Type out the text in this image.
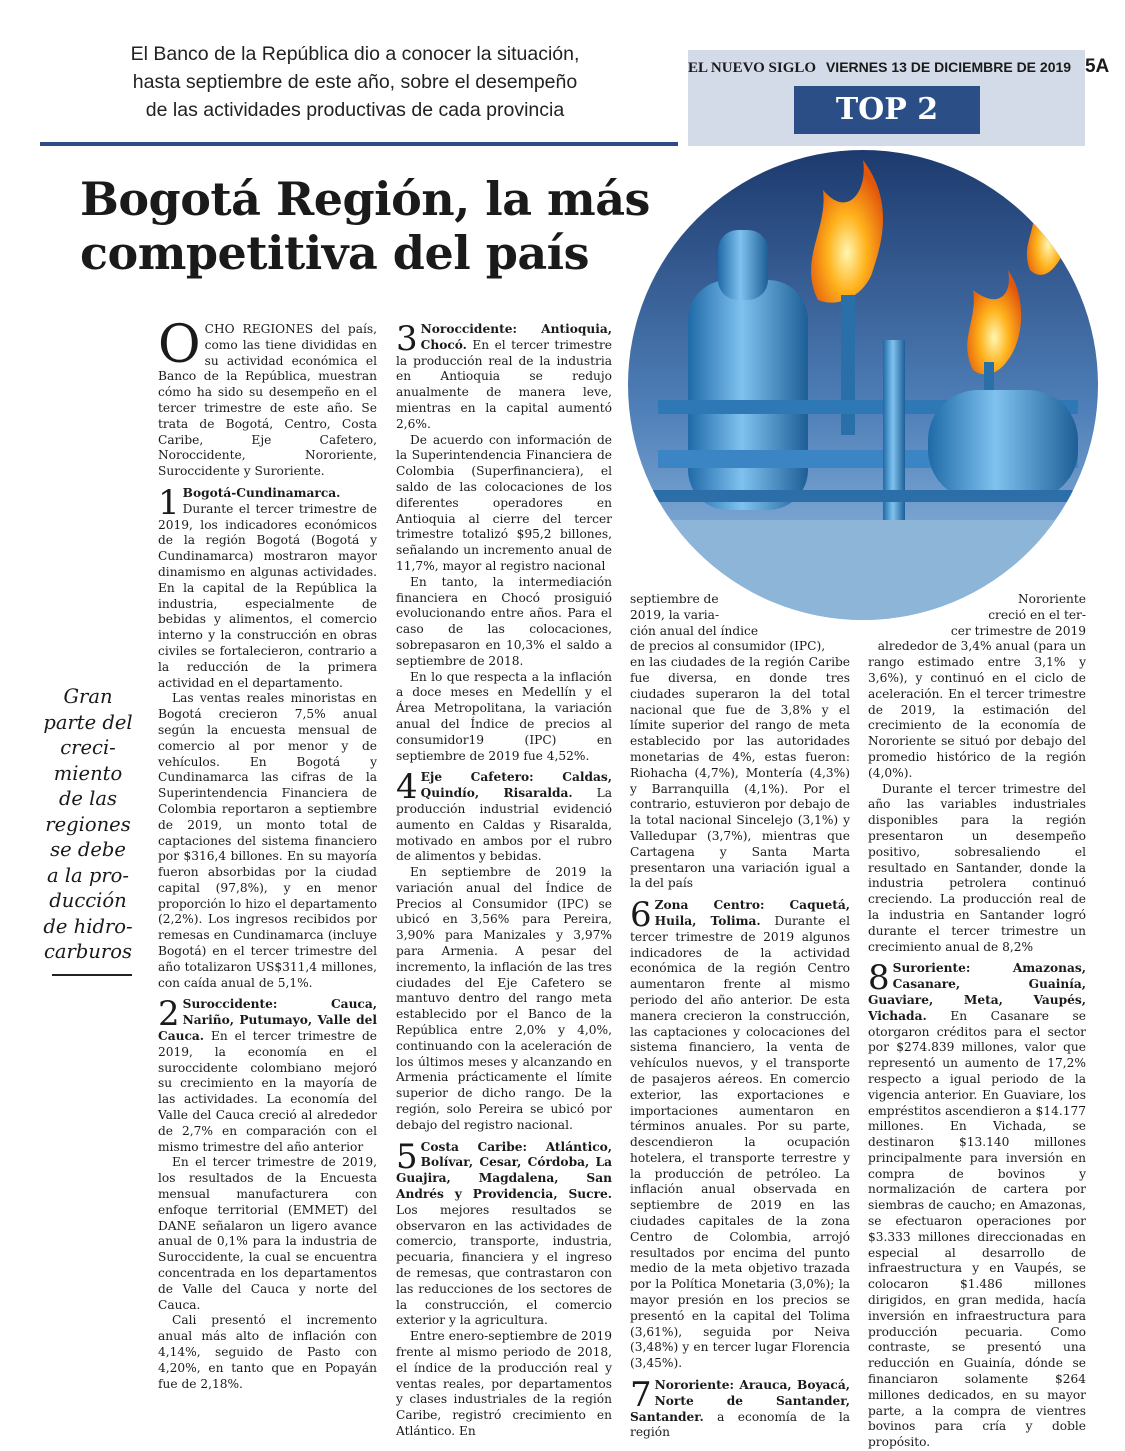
El Banco de la República dio a conocer la situación,
hasta septiembre de este año, sobre el desempeño
de las actividades productivas de cada provincia
EL NUEVO SIGLO VIERNES 13 DE DICIEMBRE DE 2019 5A
TOP 2
Bogotá Región, la más
competitiva del país
Gran
parte del
creci-
miento
de las
regiones
se debe
a la pro-
ducción
de hidro-
carburos

OCHO REGIONES del país, como las tiene divididas en su actividad económica el Banco de la República, muestran cómo ha sido su desempeño en el tercer trimestre de este año. Se trata de Bogotá, Centro, Costa Caribe, Eje Cafetero, Noroccidente, Nororiente, Suroccidente y Suroriente.

1 Bogotá-Cundinamarca. Durante el tercer trimestre de 2019, los indicadores económicos de la región Bogotá (Bogotá y Cundinamarca) mostraron mayor dinamismo en algunas actividades. En la capital de la República la industria, especialmente de bebidas y alimentos, el comercio interno y la construcción en obras civiles se fortalecieron, contrario a la reducción de la primera actividad en el departamento.

Las ventas reales minoristas en Bogotá crecieron 7,5% anual según la encuesta mensual de comercio al por menor y de vehículos. En Bogotá y Cundinamarca las cifras de la Superintendencia Financiera de Colombia reportaron a septiembre de 2019, un monto total de captaciones del sistema financiero por $316,4 billones. En su mayoría fueron absorbidas por la ciudad capital (97,8%), y en menor proporción lo hizo el departamento (2,2%). Los ingresos recibidos por remesas en Cundinamarca (incluye Bogotá) en el tercer trimestre del año totalizaron US$311,4 millones, con caída anual de 5,1%.

2 Suroccidente: Cauca, Nariño, Putumayo, Valle del Cauca. En el tercer trimestre de 2019, la economía en el suroccidente colombiano mejoró su crecimiento en la mayoría de las actividades. La economía del Valle del Cauca creció al alrededor de 2,7% en comparación con el mismo trimestre del año anterior

En el tercer trimestre de 2019, los resultados de la Encuesta mensual manufacturera con enfoque territorial (EMMET) del DANE señalaron un ligero avance anual de 0,1% para la industria de Suroccidente, la cual se encuentra concentrada en los departamentos de Valle del Cauca y norte del Cauca.

Cali presentó el incremento anual más alto de inflación con 4,14%, seguido de Pasto con 4,20%, en tanto que en Popayán fue de 2,18%.

3 Noroccidente: Antioquia, Chocó. En el tercer trimestre la producción real de la industria en Antioquia se redujo anualmente de manera leve, mientras en la capital aumentó 2,6%.

De acuerdo con información de la Superintendencia Financiera de Colombia (Superfinanciera), el saldo de las colocaciones de los diferentes operadores en Antioquia al cierre del tercer trimestre totalizó $95,2 billones, señalando un incremento anual de 11,7%, mayor al registro nacional

En tanto, la intermediación financiera en Chocó prosiguió evolucionando entre años. Para el caso de las colocaciones, sobrepasaron en 10,3% el saldo a septiembre de 2018.

En lo que respecta a la inflación a doce meses en Medellín y el Área Metropolitana, la variación anual del Índice de precios al consumidor19 (IPC) en septiembre de 2019 fue 4,52%.

4 Eje Cafetero: Caldas, Quindío, Risaralda. La producción industrial evidenció aumento en Caldas y Risaralda, motivado en ambos por el rubro de alimentos y bebidas.

En septiembre de 2019 la variación anual del Índice de Precios al Consumidor (IPC) se ubicó en 3,56% para Pereira, 3,90% para Manizales y 3,97% para Armenia. A pesar del incremento, la inflación de las tres ciudades del Eje Cafetero se mantuvo dentro del rango meta establecido por el Banco de la República entre 2,0% y 4,0%, continuando con la aceleración de los últimos meses y alcanzando en Armenia prácticamente el límite superior de dicho rango. De la región, solo Pereira se ubicó por debajo del registro nacional.

5 Costa Caribe: Atlántico, Bolívar, Cesar, Córdoba, La Guajira, Magdalena, San Andrés y Providencia, Sucre. Los mejores resultados se observaron en las actividades de comercio, transporte, industria, pecuaria, financiera y el ingreso de remesas, que contrastaron con las reducciones de los sectores de la construcción, el comercio exterior y la agricultura.

Entre enero-septiembre de 2019 frente al mismo periodo de 2018, el índice de la producción real y ventas reales, por departamentos y clases industriales de la región Caribe, registró crecimiento en Atlántico. En

septiembre de
2019, la varia-
ción anual del índice
de precios al consumidor (IPC),

en las ciudades de la región Caribe fue diversa, en donde tres ciudades superaron la del total nacional que fue de 3,8% y el límite superior del rango de meta establecido por las autoridades monetarias de 4%, estas fueron: Riohacha (4,7%), Montería (4,3%) y Barranquilla (4,1%). Por el contrario, estuvieron por debajo de la total nacional Sincelejo (3,1%) y Valledupar (3,7%), mientras que Cartagena y Santa Marta presentaron una variación igual a la del país

6 Zona Centro: Caquetá, Huila, Tolima. Durante el tercer trimestre de 2019 algunos indicadores de la actividad económica de la región Centro aumentaron frente al mismo periodo del año anterior. De esta manera crecieron la construcción, las captaciones y colocaciones del sistema financiero, la venta de vehículos nuevos, y el transporte de pasajeros aéreos. En comercio exterior, las exportaciones e importaciones aumentaron en términos anuales. Por su parte, descendieron la ocupación hotelera, el transporte terrestre y la producción de petróleo. La inflación anual observada en septiembre de 2019 en las ciudades capitales de la zona Centro de Colombia, arrojó resultados por encima del punto medio de la meta objetivo trazada por la Política Monetaria (3,0%); la mayor presión en los precios se presentó en la capital del Tolima (3,61%), seguida por Neiva (3,48%) y en tercer lugar Florencia (3,45%).

7 Nororiente: Arauca, Boyacá, Norte de Santander, Santander. a economía de la región

Nororiente
creció en el ter-
cer trimestre de 2019
alrededor de 3,4% anual (para un

rango estimado entre 3,1% y 3,6%), y continuó en el ciclo de aceleración. En el tercer trimestre de 2019, la estimación del crecimiento de la economía de Nororiente se situó por debajo del promedio histórico de la región (4,0%).

Durante el tercer trimestre del año las variables industriales disponibles para la región presentaron un desempeño positivo, sobresaliendo el resultado en Santander, donde la industria petrolera continuó creciendo. La producción real de la industria en Santander logró durante el tercer trimestre un crecimiento anual de 8,2%

8 Suroriente: Amazonas, Casanare, Guainía, Guaviare, Meta, Vaupés, Vichada. En Casanare se otorgaron créditos para el sector por $274.839 millones, valor que representó un aumento de 17,2% respecto a igual periodo de la vigencia anterior. En Guaviare, los empréstitos ascendieron a $14.177 millones. En Vichada, se destinaron $13.140 millones principalmente para inversión en compra de bovinos y normalización de cartera por siembras de caucho; en Amazonas, se efectuaron operaciones por $3.333 millones direccionadas en especial al desarrollo de infraestructura y en Vaupés, se colocaron $1.486 millones dirigidos, en gran medida, hacía inversión en infraestructura para producción pecuaria. Como contraste, se presentó una reducción en Guainía, dónde se financiaron solamente $264 millones dedicados, en su mayor parte, a la compra de vientres bovinos para cría y doble propósito.
